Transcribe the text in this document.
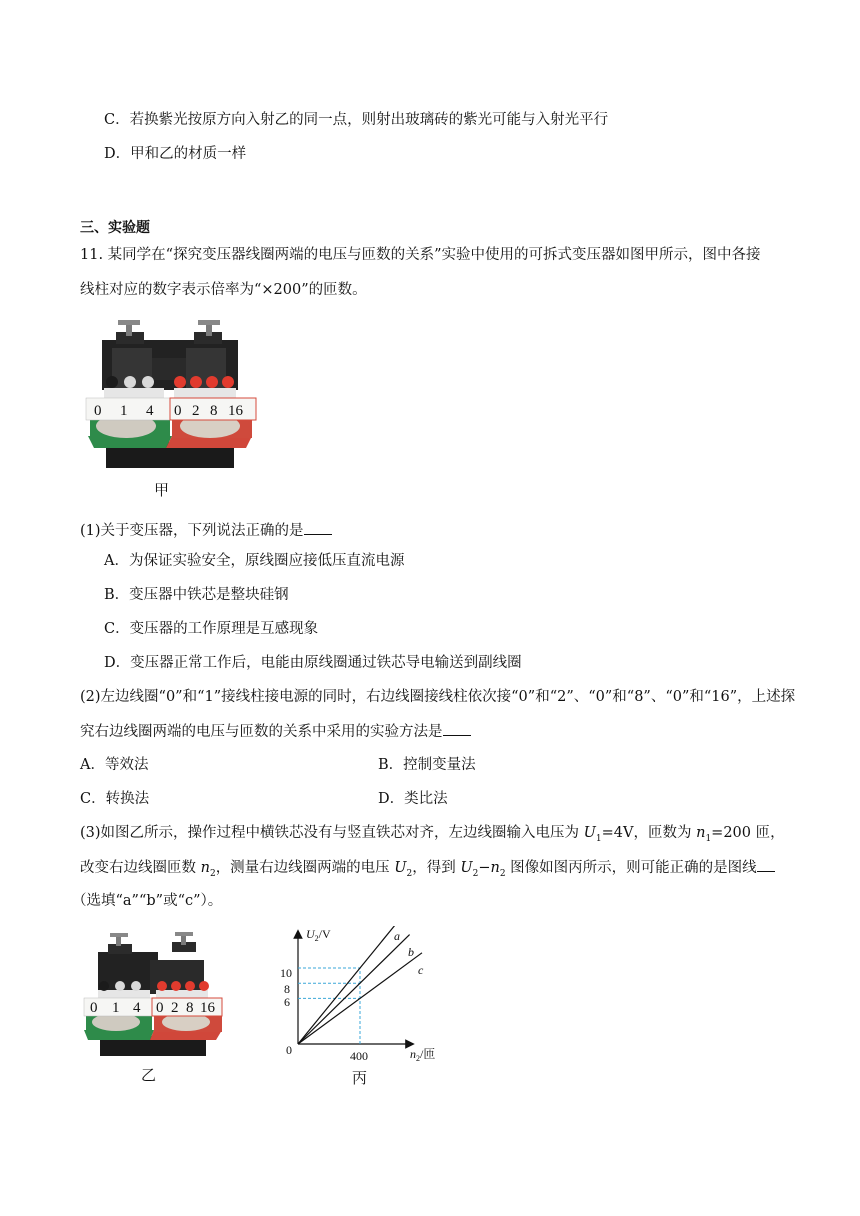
C．若换紫光按原方向入射乙的同一点，则射出玻璃砖的紫光可能与入射光平行
D．甲和乙的材质一样
三、实验题
11. 某同学在“探究变压器线圈两端的电压与匝数的关系”实验中使用的可拆式变压器如图甲所示，图中各接
线柱对应的数字表示倍率为“×200”的匝数。
0 1 4 0 2 8 16
甲
(1)关于变压器，下列说法正确的是
A．为保证实验安全，原线圈应接低压直流电源
B．变压器中铁芯是整块硅钢
C．变压器的工作原理是互感现象
D．变压器正常工作后，电能由原线圈通过铁芯导电输送到副线圈
(2)左边线圈“0”和“1”接线柱接电源的同时，右边线圈接线柱依次接“0”和“2”、“0”和“8”、“0”和“16”，上述探
究右边线圈两端的电压与匝数的关系中采用的实验方法是
A．等效法	B．控制变量法
C．转换法	D．类比法
(3)如图乙所示，操作过程中横铁芯没有与竖直铁芯对齐，左边线圈输入电压为 $U_1=4V$，匝数为 $n_1=200$ 匝，
改变右边线圈匝数 $n_2$，测量右边线圈两端的电压 $U_2$，得到 $U_2-n_2$ 图像如图丙所示，则可能正确的是图线
（选填“a”“b”或“c”）。
0 1 4 0 2 8 16
乙
$U_2/V$
$n_2/$匝
0	400
10
8
6
a
b
c
丙
